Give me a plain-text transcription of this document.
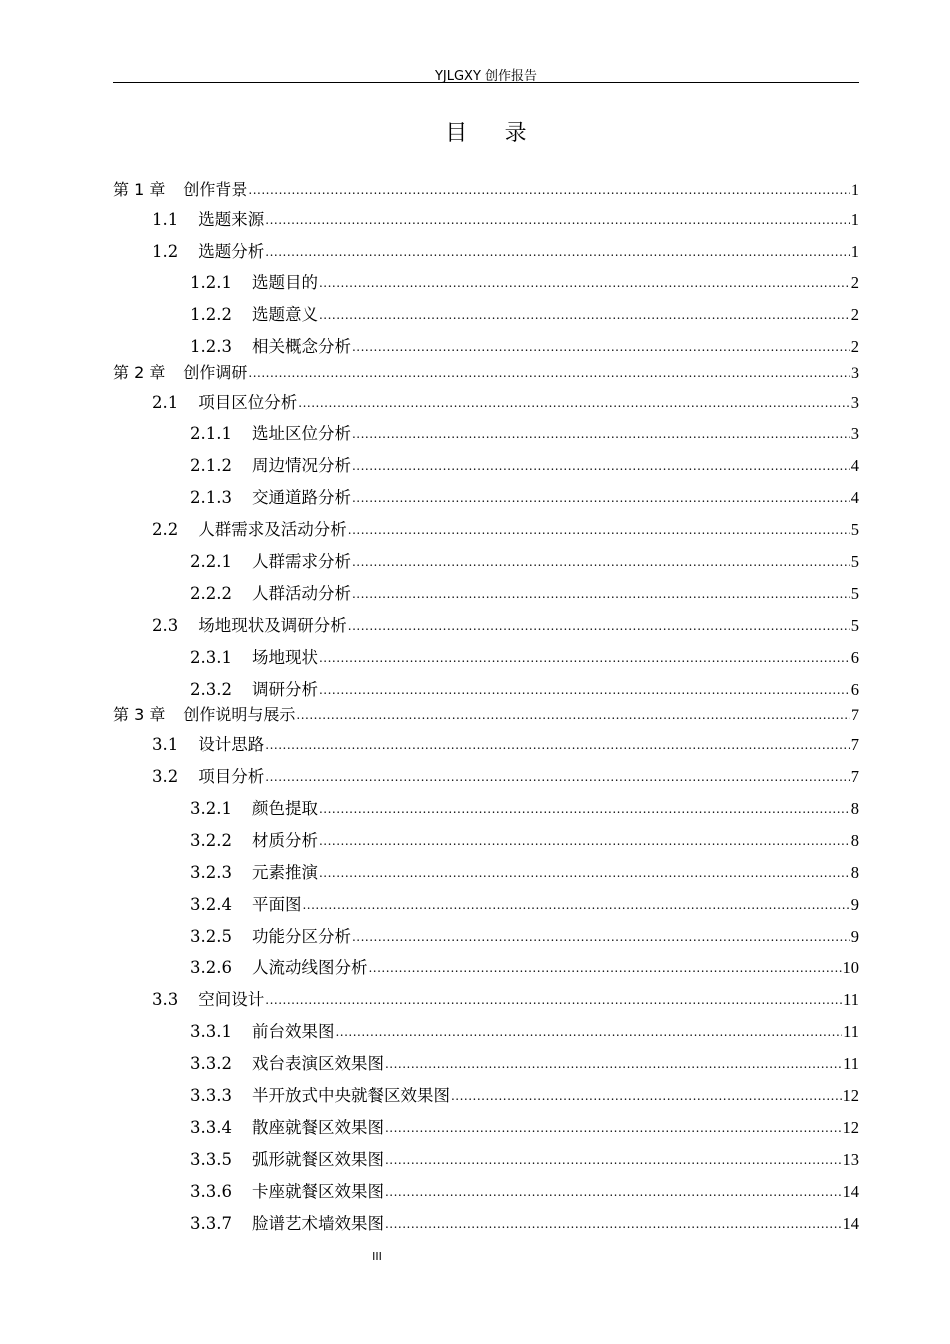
YJLGXY 创作报告
目录
第 1 章 创作背景 .....	1
1.1 选题来源 .....	1
1.2 选题分析 .....	1
1.2.1 选题目的 .....	2
1.2.2 选题意义 .....	2
1.2.3 相关概念分析 .....	2
第 2 章 创作调研 .....	3
2.1 项目区位分析 .....	3
2.1.1 选址区位分析 .....	3
2.1.2 周边情况分析 .....	4
2.1.3 交通道路分析 .....	4
2.2 人群需求及活动分析 .....	5
2.2.1 人群需求分析 .....	5
2.2.2 人群活动分析 .....	5
2.3 场地现状及调研分析 .....	5
2.3.1 场地现状 .....	6
2.3.2 调研分析 .....	6
第 3 章 创作说明与展示 .....	7
3.1 设计思路 .....	7
3.2 项目分析 .....	7
3.2.1 颜色提取 .....	8
3.2.2 材质分析 .....	8
3.2.3 元素推演 .....	8
3.2.4 平面图 .....	9
3.2.5 功能分区分析 .....	9
3.2.6 人流动线图分析 .....	10
3.3 空间设计 .....	11
3.3.1 前台效果图 .....	11
3.3.2 戏台表演区效果图 .....	11
3.3.3 半开放式中央就餐区效果图 .....	12
3.3.4 散座就餐区效果图 .....	12
3.3.5 弧形就餐区效果图 .....	13
3.3.6 卡座就餐区效果图 .....	14
3.3.7 脸谱艺术墙效果图 .....	14
III
